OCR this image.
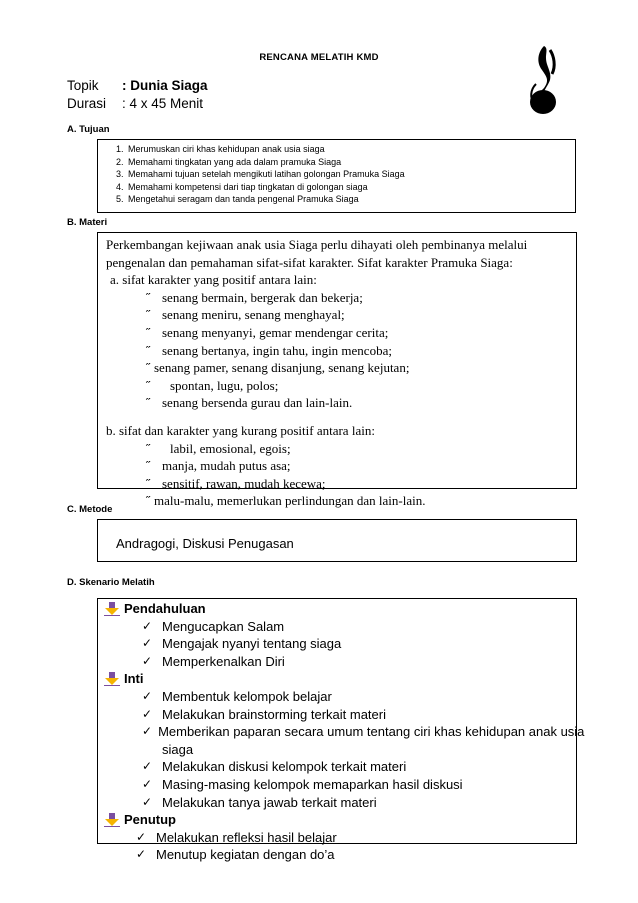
RENCANA MELATIH KMD
Topik : Dunia Siaga
Durasi : 4 x 45 Menit
A. Tujuan
1. Merumuskan ciri khas kehidupan anak usia siaga
2. Memahami tingkatan yang ada dalam pramuka Siaga
3. Memahami tujuan setelah mengikuti latihan golongan Pramuka Siaga
4. Memahami kompetensi dari tiap tingkatan di golongan siaga
5. Mengetahui seragam dan tanda pengenal Pramuka Siaga
B. Materi

Perkembangan kejiwaan anak usia Siaga perlu dihayati oleh pembinanya melalui

pengenalan dan pemahaman sifat-sifat karakter. Sifat karakter Pramuka Siaga:

a. sifat karakter yang positif antara lain:

˝ senang bermain, bergerak dan bekerja;

˝ senang meniru, senang menghayal;

˝ senang menyanyi, gemar mendengar cerita;

˝ senang bertanya, ingin tahu, ingin mencoba;

˝ senang pamer, senang disanjung, senang kejutan;

˝ spontan, lugu, polos;

˝ senang bersenda gurau dan lain-lain.

b. sifat dan karakter yang kurang positif antara lain:

˝ labil, emosional, egois;

˝ manja, mudah putus asa;

˝ sensitif, rawan, mudah kecewa;

˝ malu-malu, memerlukan perlindungan dan lain-lain.

C. Metode
Andragogi, Diskusi Penugasan
D. Skenario Melatih
Pendahuluan
✓ Mengucapkan Salam
✓ Mengajak nyanyi tentang siaga
✓ Memperkenalkan Diri
Inti
✓ Membentuk kelompok belajar
✓ Melakukan brainstorming terkait materi
✓ Memberikan paparan secara umum tentang ciri khas kehidupan anak usia
siaga
✓ Melakukan diskusi kelompok terkait materi
✓ Masing-masing kelompok memaparkan hasil diskusi
✓ Melakukan tanya jawab terkait materi
Penutup
✓ Melakukan refleksi hasil belajar
✓ Menutup kegiatan dengan do’a
